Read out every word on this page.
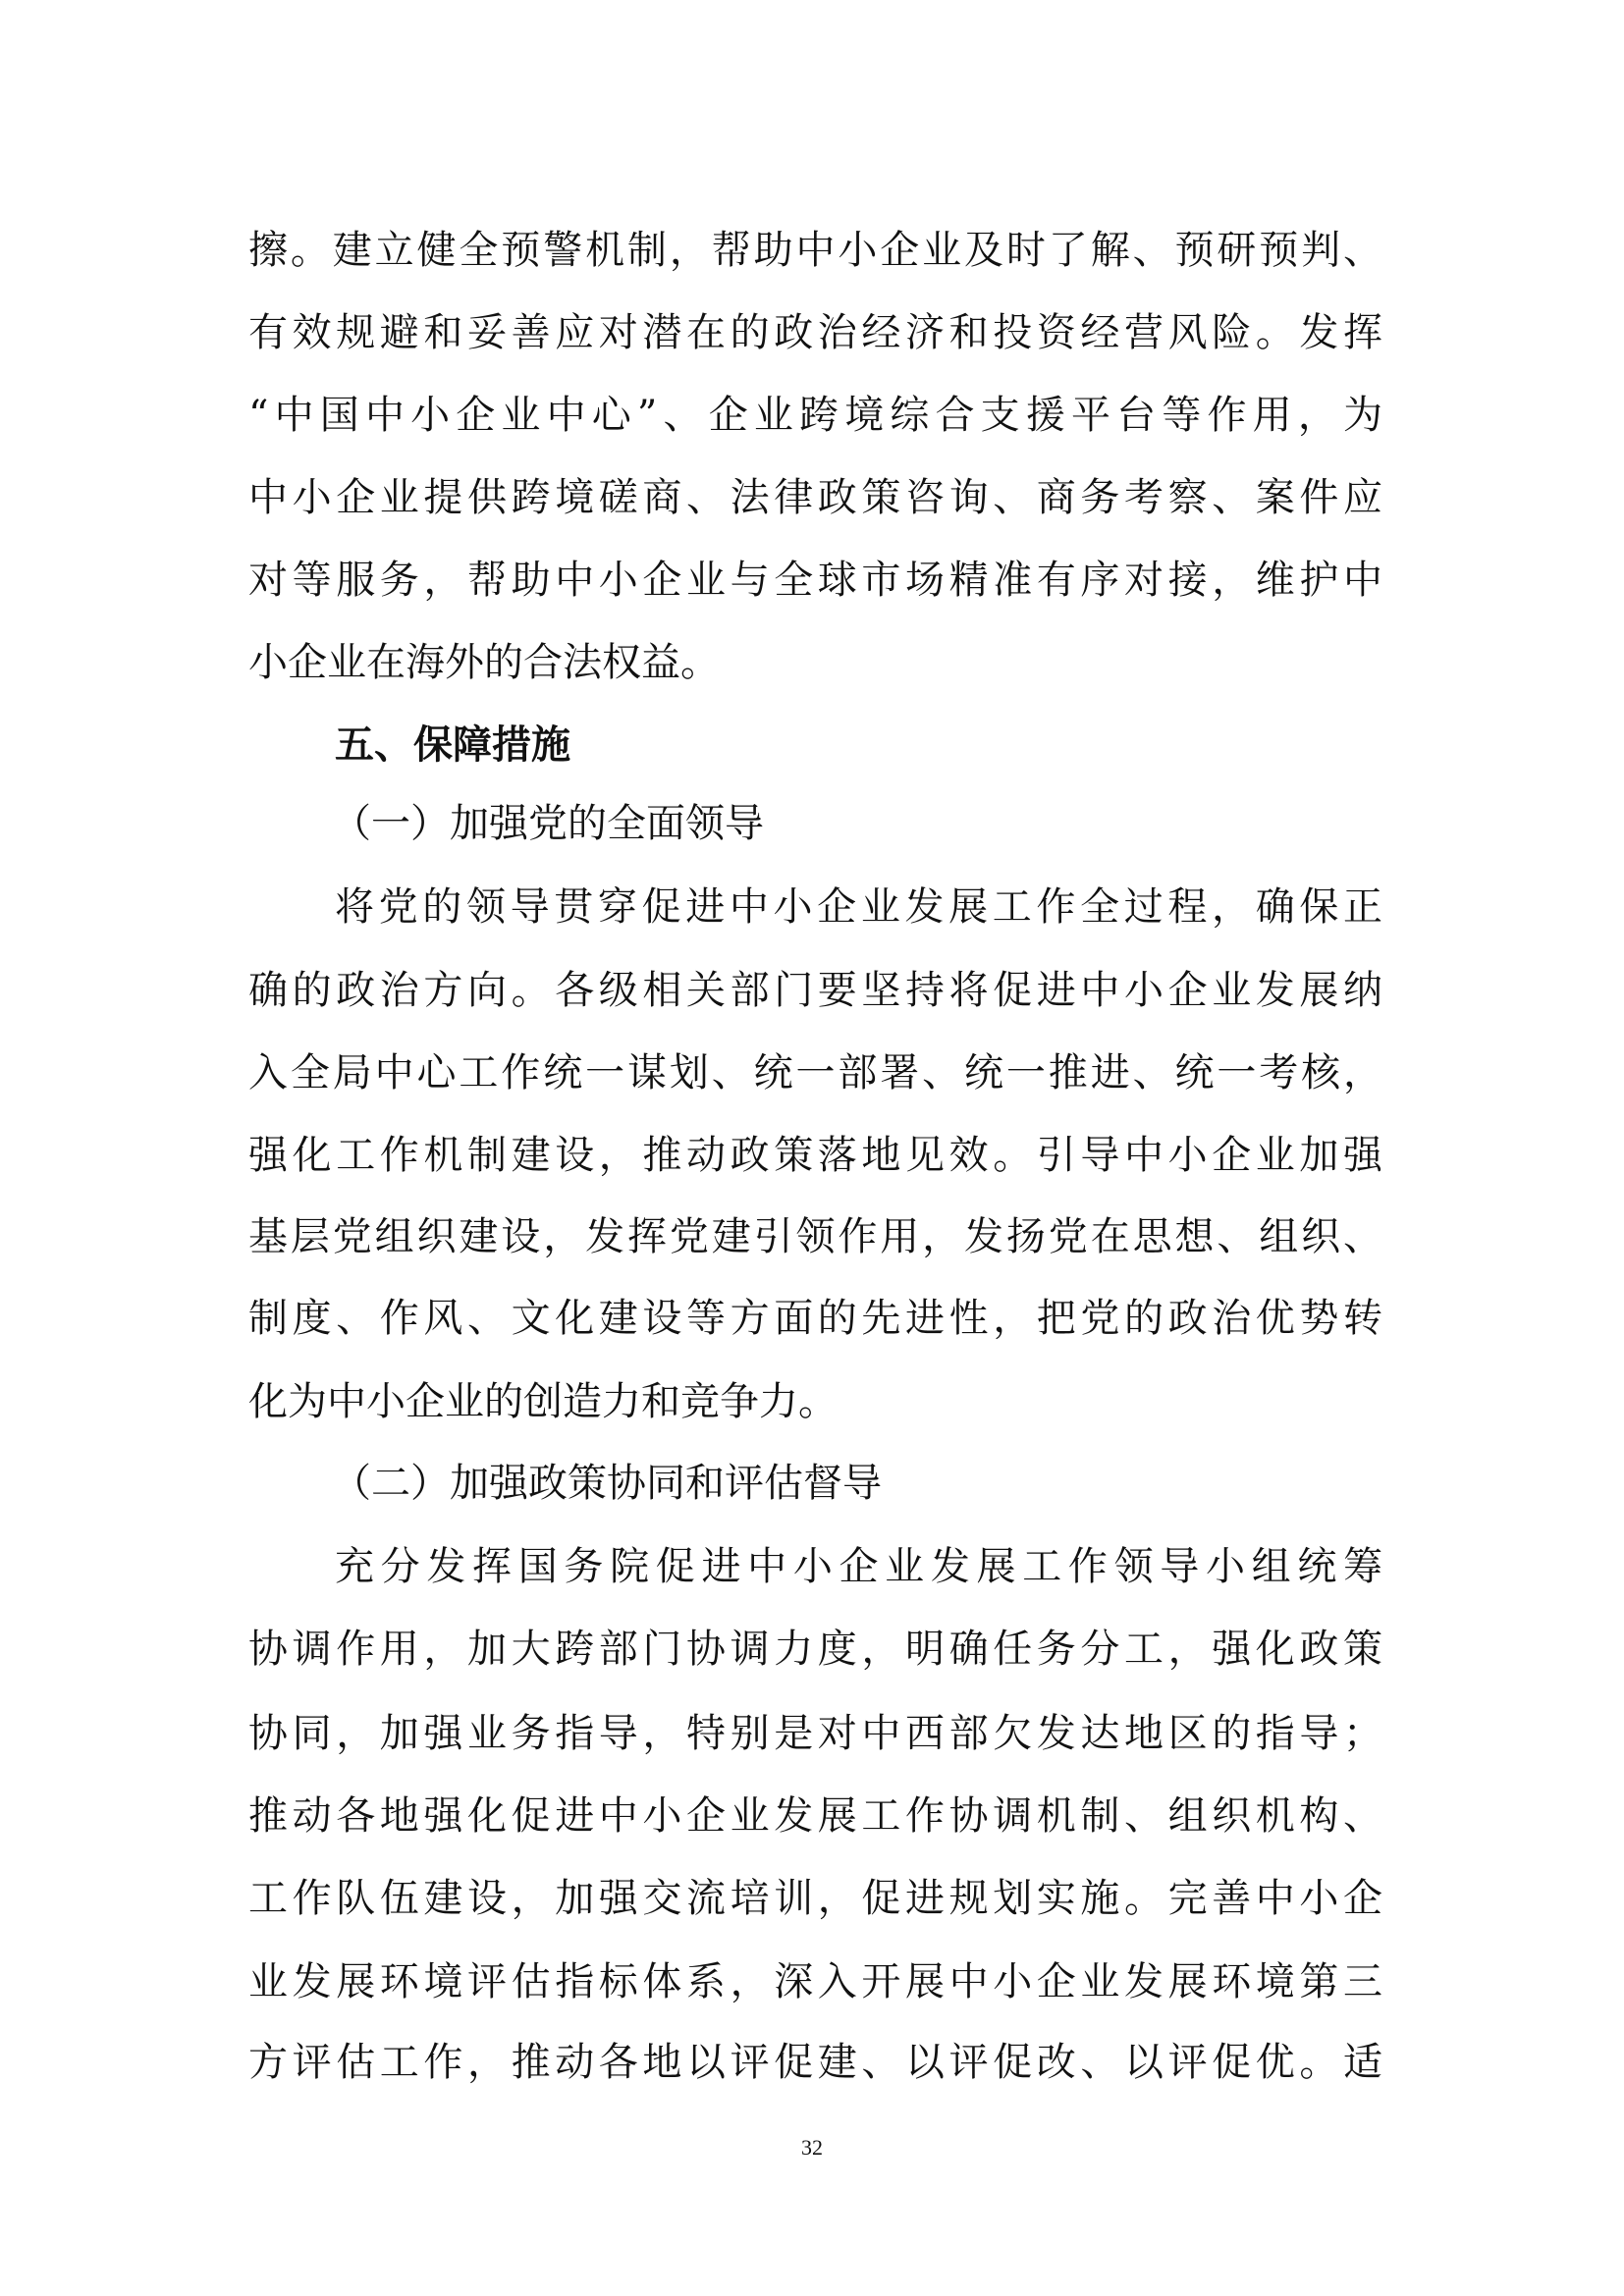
擦。建立健全预警机制，帮助中小企业及时了解、预研预判、
有效规避和妥善应对潜在的政治经济和投资经营风险。发挥
“中国中小企业中心”、企业跨境综合支援平台等作用，为
中小企业提供跨境磋商、法律政策咨询、商务考察、案件应
对等服务，帮助中小企业与全球市场精准有序对接，维护中
小企业在海外的合法权益。
五、保障措施
（一）加强党的全面领导
将党的领导贯穿促进中小企业发展工作全过程，确保正
确的政治方向。各级相关部门要坚持将促进中小企业发展纳
入全局中心工作统一谋划、统一部署、统一推进、统一考核，
强化工作机制建设，推动政策落地见效。引导中小企业加强
基层党组织建设，发挥党建引领作用，发扬党在思想、组织、
制度、作风、文化建设等方面的先进性，把党的政治优势转
化为中小企业的创造力和竞争力。
（二）加强政策协同和评估督导
充分发挥国务院促进中小企业发展工作领导小组统筹
协调作用，加大跨部门协调力度，明确任务分工，强化政策
协同，加强业务指导，特别是对中西部欠发达地区的指导；
推动各地强化促进中小企业发展工作协调机制、组织机构、
工作队伍建设，加强交流培训，促进规划实施。完善中小企
业发展环境评估指标体系，深入开展中小企业发展环境第三
方评估工作，推动各地以评促建、以评促改、以评促优。适
32
